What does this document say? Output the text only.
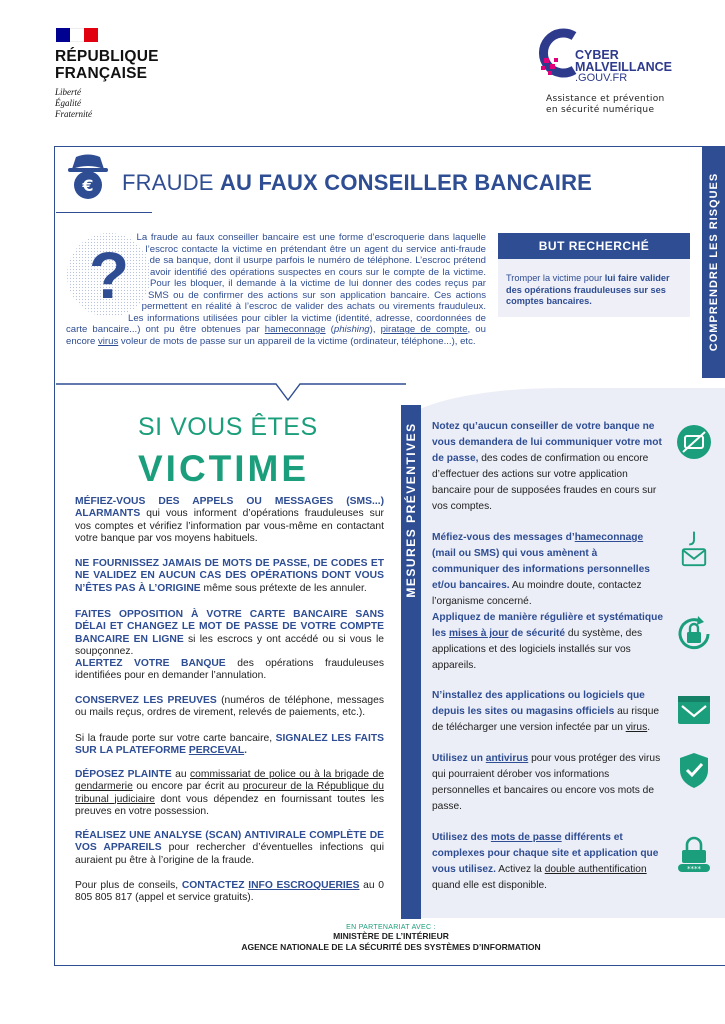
RÉPUBLIQUE
FRANÇAISE
Liberté
Égalité
Fraternité
CYBER
MALVEILLANCE
.GOUV.FR
Assistance et prévention
en sécurité numérique
COMPRENDRE LES RISQUES
€ FRAUDE AU FAUX CONSEILLER BANCAIRE
?
La fraude au faux conseiller bancaire est une forme d’escroquerie dans laquelle l’escroc contacte la victime en prétendant être un agent du service anti-fraude de sa banque, dont il usurpe parfois le numéro de téléphone. L’escroc prétend avoir identifié des opérations suspectes en cours sur le compte de la victime. Pour les bloquer, il demande à la victime de lui donner des codes reçus par SMS ou de confirmer des actions sur son application bancaire. Ces actions permettent en réalité à l’escroc de valider des achats ou virements frauduleux. Les informations utilisées pour cibler la victime (identité, adresse, coordonnées de carte bancaire...) ont pu être obtenues par hameconnage (phishing), piratage de compte, ou encore virus voleur de mots de passe sur un appareil de la victime (ordinateur, téléphone...), etc.
BUT RECHERCHÉ
Tromper la victime pour lui faire valider des opérations frauduleuses sur ses comptes bancaires.
SI VOUS ÊTES
VICTIME
MÉFIEZ-VOUS DES APPELS OU MESSAGES (SMS...) ALARMANTS qui vous informent d’opérations frauduleuses sur vos comptes et vérifiez l’information par vous-même en contactant votre banque par vos moyens habituels.
NE FOURNISSEZ JAMAIS DE MOTS DE PASSE, DE CODES ET NE VALIDEZ EN AUCUN CAS DES OPÉRATIONS DONT VOUS N’ÊTES PAS À L’ORIGINE même sous prétexte de les annuler.
FAITES OPPOSITION À VOTRE CARTE BANCAIRE SANS DÉLAI ET CHANGEZ LE MOT DE PASSE DE VOTRE COMPTE BANCAIRE EN LIGNE si les escrocs y ont accédé ou si vous le soupçonnez.
ALERTEZ VOTRE BANQUE des opérations frauduleuses identifiées pour en demander l’annulation.
CONSERVEZ LES PREUVES (numéros de téléphone, messages ou mails reçus, ordres de virement, relevés de paiements, etc.).
Si la fraude porte sur votre carte bancaire, SIGNALEZ LES FAITS SUR LA PLATEFORME PERCEVAL.
DÉPOSEZ PLAINTE au commissariat de police ou à la brigade de gendarmerie ou encore par écrit au procureur de la République du tribunal judiciaire dont vous dépendez en fournissant toutes les preuves en votre possession.
RÉALISEZ UNE ANALYSE (SCAN) ANTIVIRALE COMPLÈTE DE VOS APPAREILS pour rechercher d’éventuelles infections qui auraient pu être à l’origine de la fraude.
Pour plus de conseils, CONTACTEZ INFO ESCROQUERIES au 0 805 805 817 (appel et service gratuits).
MESURES PRÉVENTIVES Notez qu’aucun conseiller de votre banque ne vous demandera de lui communiquer votre mot de passe, des codes de confirmation ou encore d’effectuer des actions sur votre application bancaire pour de supposées fraudes en cours sur vos comptes.
Méfiez-vous des messages d’hameconnage (mail ou SMS) qui vous amènent à communiquer des informations personnelles et/ou bancaires. Au moindre doute, contactez l’organisme concerné.
Appliquez de manière régulière et systématique les mises à jour de sécurité du système, des applications et des logiciels installés sur vos appareils.
N’installez des applications ou logiciels que depuis les sites ou magasins officiels au risque de télécharger une version infectée par un virus.
Utilisez un antivirus pour vous protéger des virus qui pourraient dérober vos informations personnelles et bancaires ou encore vos mots de passe.
Utilisez des mots de passe différents et complexes pour chaque site et application que vous utilisez. Activez la double authentification quand elle est disponible.
****
EN PARTENARIAT AVEC :
MINISTÈRE DE L’INTÉRIEUR
AGENCE NATIONALE DE LA SÉCURITÉ DES SYSTÈMES D’INFORMATION
